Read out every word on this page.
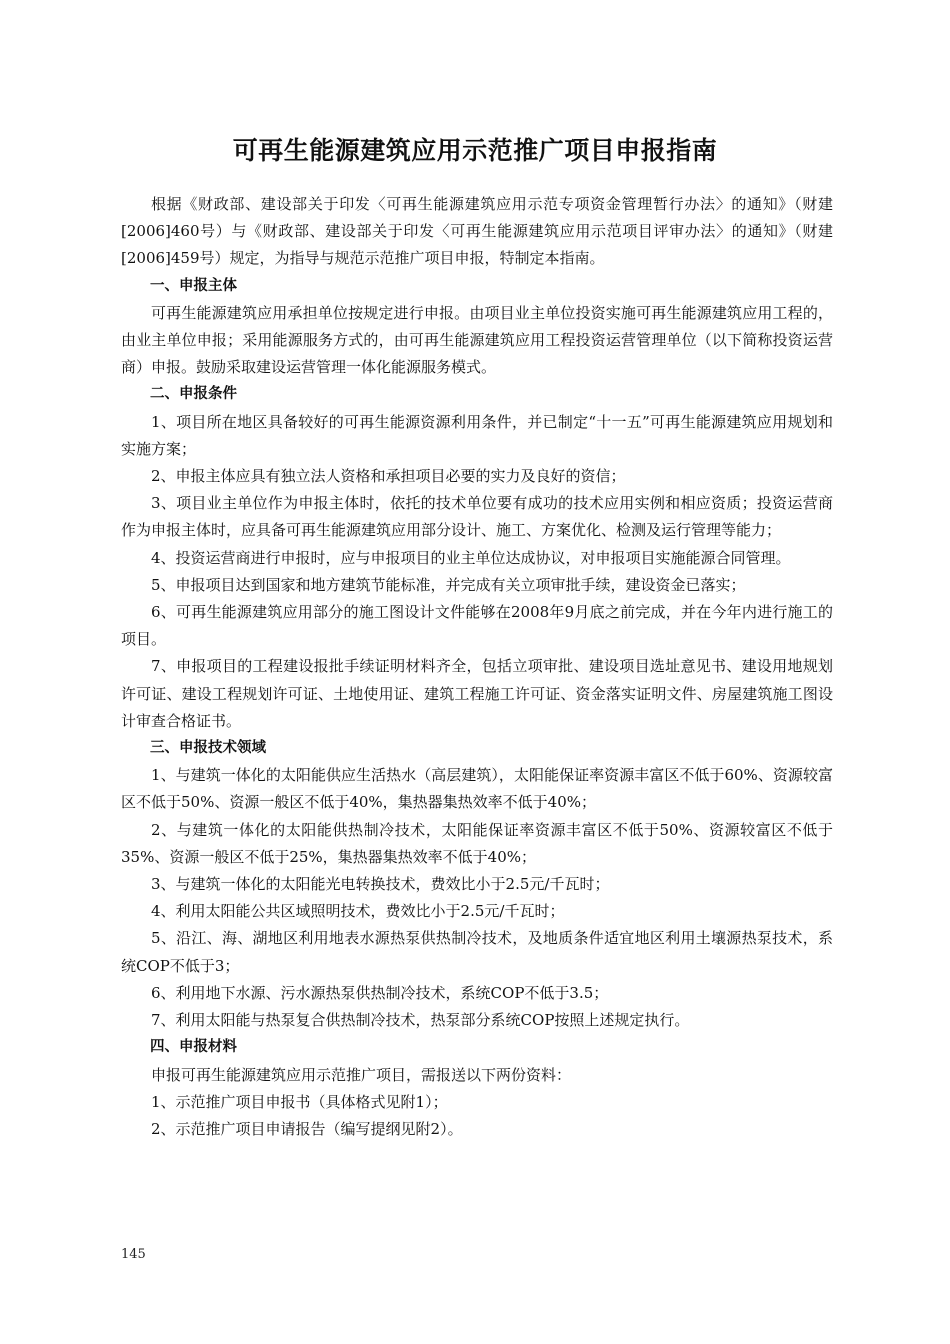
可再生能源建筑应用示范推广项目申报指南

根据《财政部、建设部关于印发〈可再生能源建筑应用示范专项资金管理暂行办法〉的通知》（财建[2006]460号）与《财政部、建设部关于印发〈可再生能源建筑应用示范项目评审办法〉的通知》（财建[2006]459号）规定，为指导与规范示范推广项目申报，特制定本指南。

一、申报主体

可再生能源建筑应用承担单位按规定进行申报。由项目业主单位投资实施可再生能源建筑应用工程的，由业主单位申报；采用能源服务方式的，由可再生能源建筑应用工程投资运营管理单位（以下简称投资运营商）申报。鼓励采取建设运营管理一体化能源服务模式。

二、申报条件

1、项目所在地区具备较好的可再生能源资源利用条件，并已制定“十一五”可再生能源建筑应用规划和实施方案；

2、申报主体应具有独立法人资格和承担项目必要的实力及良好的资信；

3、项目业主单位作为申报主体时，依托的技术单位要有成功的技术应用实例和相应资质；投资运营商作为申报主体时，应具备可再生能源建筑应用部分设计、施工、方案优化、检测及运行管理等能力；

4、投资运营商进行申报时，应与申报项目的业主单位达成协议，对申报项目实施能源合同管理。

5、申报项目达到国家和地方建筑节能标准，并完成有关立项审批手续，建设资金已落实；

6、可再生能源建筑应用部分的施工图设计文件能够在2008年9月底之前完成，并在今年内进行施工的项目。

7、申报项目的工程建设报批手续证明材料齐全，包括立项审批、建设项目选址意见书、建设用地规划许可证、建设工程规划许可证、土地使用证、建筑工程施工许可证、资金落实证明文件、房屋建筑施工图设计审查合格证书。

三、申报技术领域

1、与建筑一体化的太阳能供应生活热水（高层建筑），太阳能保证率资源丰富区不低于60%、资源较富区不低于50%、资源一般区不低于40%，集热器集热效率不低于40%；

2、与建筑一体化的太阳能供热制冷技术，太阳能保证率资源丰富区不低于50%、资源较富区不低于35%、资源一般区不低于25%，集热器集热效率不低于40%；

3、与建筑一体化的太阳能光电转换技术，费效比小于2.5元/千瓦时；

4、利用太阳能公共区域照明技术，费效比小于2.5元/千瓦时；

5、沿江、海、湖地区利用地表水源热泵供热制冷技术，及地质条件适宜地区利用土壤源热泵技术，系统COP不低于3；

6、利用地下水源、污水源热泵供热制冷技术，系统COP不低于3.5；

7、利用太阳能与热泵复合供热制冷技术，热泵部分系统COP按照上述规定执行。

四、申报材料

申报可再生能源建筑应用示范推广项目，需报送以下两份资料：

1、示范推广项目申报书（具体格式见附1）；

2、示范推广项目申请报告（编写提纲见附2）。

145
